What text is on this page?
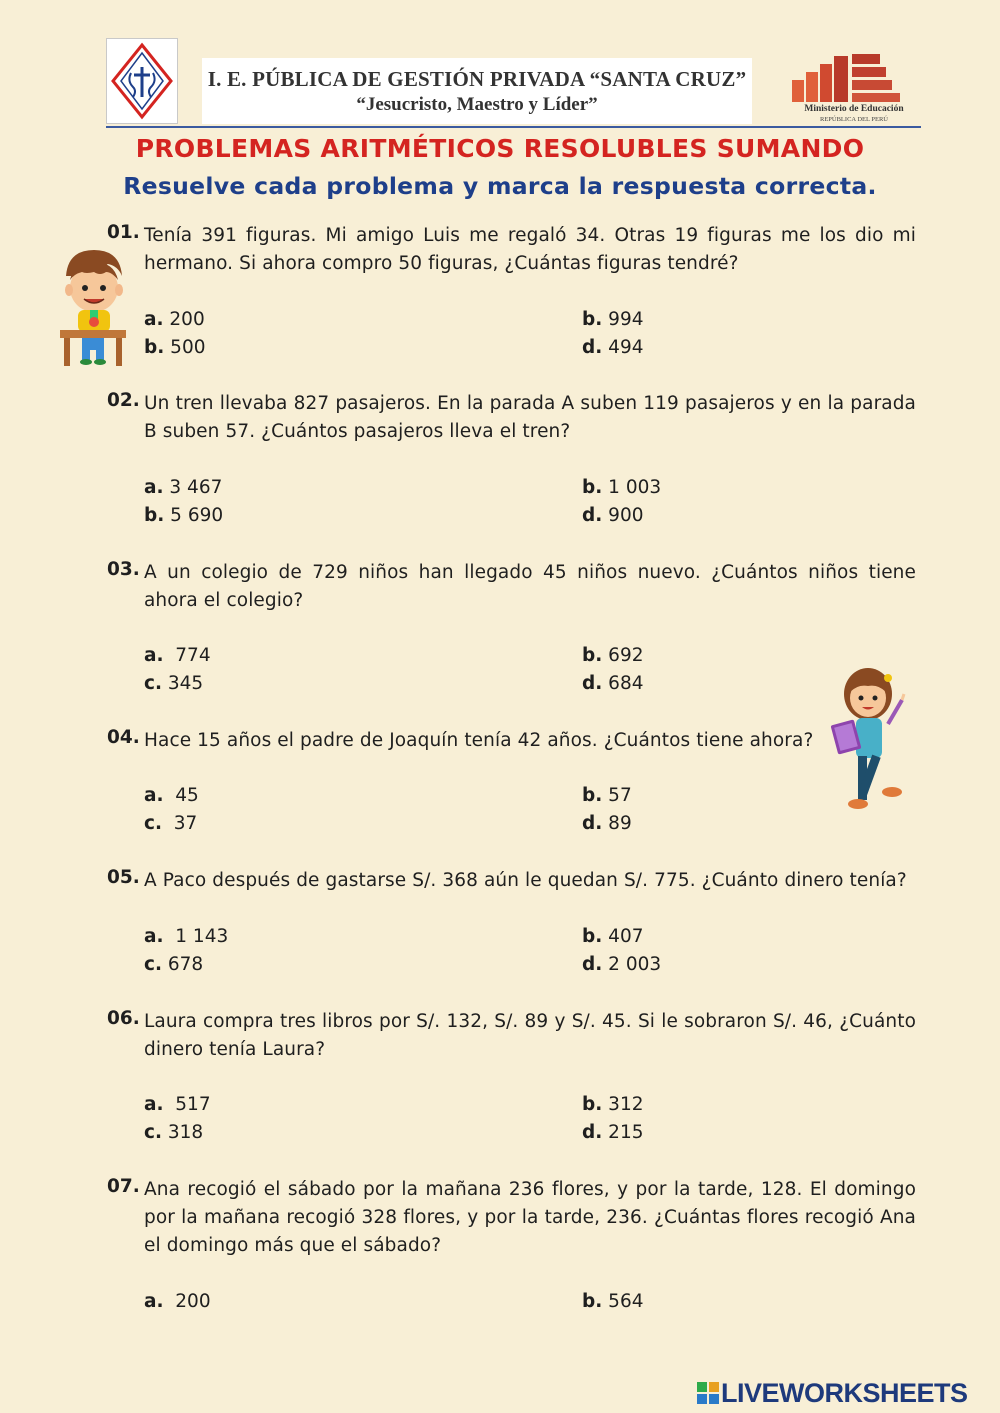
I. E. PÚBLICA DE GESTIÓN PRIVADA “SANTA CRUZ”
“Jesucristo, Maestro y Líder”	Ministerio de Educación
REPÚBLICA DEL PERÚ
PROBLEMAS ARITMÉTICOS RESOLUBLES SUMANDO
Resuelve cada problema y marca la respuesta correcta.
01. Tenía 391 figuras. Mi amigo Luis me regaló 34. Otras 19 figuras me los dio mi hermano. Si ahora compro 50 figuras, ¿Cuántas figuras tendré?
a. 200	b. 994
b. 500	d. 494
02. Un tren llevaba 827 pasajeros. En la parada A suben 119 pasajeros y en la parada B suben 57. ¿Cuántos pasajeros lleva el tren?
a. 3 467	b. 1 003
b. 5 690	d. 900
03. A un colegio de 729 niños han llegado 45 niños nuevo. ¿Cuántos niños tiene ahora el colegio?
a. 774	b. 692
c. 345	d. 684
04. Hace 15 años el padre de Joaquín tenía 42 años. ¿Cuántos tiene ahora?
a. 45	b. 57
c. 37	d. 89
05. A Paco después de gastarse S/. 368 aún le quedan S/. 775. ¿Cuánto dinero tenía?
a. 1 143	b. 407
c. 678	d. 2 003
06. Laura compra tres libros por S/. 132, S/. 89 y S/. 45. Si le sobraron S/. 46, ¿Cuánto dinero tenía Laura?
a. 517	b. 312
c. 318	d. 215
07. Ana recogió el sábado por la mañana 236 flores, y por la tarde, 128. El domingo por la mañana recogió 328 flores, y por la tarde, 236. ¿Cuántas flores recogió Ana el domingo más que el sábado?
a. 200	b. 564
LIVEWORKSHEETS
